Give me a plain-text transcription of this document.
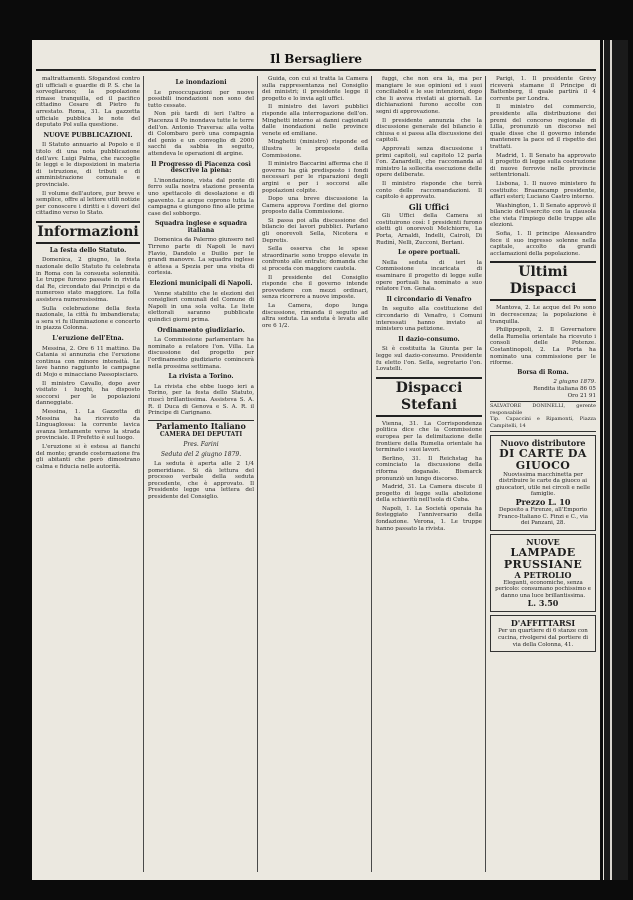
Il Bersagliere

maltrattamenti. Sfogandosi contro gli ufficiali e guardie di P. S. che la sorvegliarono; la popolazione rimase tranquilla, ed il pacifico cittadino Cesare di Pietro fu arrestato. Roma, 31. La gazzetta ufficiale pubblica le note del deputato Pol sulla questione.

NUOVE PUBBLICAZIONI.

Il Statuto annuario al Popolo e il titolo di una nota pubblicazione dell'avv. Luigi Palma, che raccoglie le leggi e le disposizioni in materia di istruzione, di tributi e di amministrazione comunale e provinciale.

Il volume dell'autore, pur breve e semplice, offre al lettore utili notizie per conoscere i diritti e i doveri del cittadino verso lo Stato.

Informazioni

La festa dello Statuto.

Domenica, 2 giugno, la festa nazionale dello Statuto fu celebrata in Roma con la consueta solennità. Le truppe furono passate in rivista dal Re, circondato dai Principi e da numeroso stato maggiore. La folla assisteva numerosissima.

Sulla celebrazione della festa nazionale, la città fu imbandierata; a sera vi fu illuminazione e concerto in piazza Colonna.

L'eruzione dell'Etna.

Messina, 2. Ore 6 11 mattino. Da Catania si annunzia che l'eruzione continua con minore intensità. Le lave hanno raggiunto le campagne di Mojo e minacciano Passopisciaro.

Il ministro Cavallo, dopo aver visitato i luoghi, ha disposto soccorsi per le popolazioni danneggiate.

Messina, 1. La Gazzetta di Messina ha ricevuto da Linguaglossa: la corrente lavica avanza lentamente verso la strada provinciale. Il Prefetto è sul luogo.

L'eruzione si è estesa ai fianchi del monte; grande costernazione fra gli abitanti che però dimostrano calma e fiducia nelle autorità.

Le inondazioni

Le preoccupazioni per nuove possibili inondazioni non sono del tutto cessate.

Non più tardi di ieri l'altro a Piacenza il Po inondava tutte le terre dell'on. Antonio Traversa: alla volta di Colombaro però una compagnia del genio e un convoglio di 2000 sacchi da sabbia in seguito, attendeva le operazioni di argine.

Il Progresso di Piacenza così descrive la piena:

L'inondazione, vista dal ponte di ferro sulla nostra stazione presenta uno spettacolo di desolazione e di spavento. Le acque coprono tutta la campagna e giungono fino alle prime case del sobborgo.

Squadra inglese e squadra italiana

Domenica da Palermo giunsero nel Tirreno parte di Napoli le navi Flavio, Dandolo e Duilio per le grandi manovre. La squadra inglese è attesa a Spezia per una visita di cortesia.

Elezioni municipali di Napoli.

Venne stabilito che le elezioni dei consiglieri comunali del Comune di Napoli in una sola volta. Le liste elettorali saranno pubblicate quindici giorni prima.

Ordinamento giudiziario.

La Commissione parlamentare ha nominato a relatore l'on. Villa. La discussione del progetto per l'ordinamento giudiziario comincerà nella prossima settimana.

La rivista a Torino.

La rivista che ebbe luogo ieri a Torino, per la festa dello Statuto, riuscì brillantissima. Assisteva S. A. R. il Duca di Genova e S. A. R. il Principe di Carignano.

Parlamento Italiano
CAMERA DEI DEPUTATI
Pres. Farini
Seduta del 2 giugno 1879.

La seduta è aperta alle 2 1/4 pomeridiane. Si dà lettura del processo verbale della seduta precedente, che è approvato. Il Presidente legge una lettera del presidente del Consiglio.

Guida, con cui si tratta la Camera sulla rappresentanza nel Consiglio dei ministri; il presidente legge il progetto e lo invia agli uffici.

Il ministro dei lavori pubblici risponde alla interrogazione dell'on. Minghetti intorno ai danni cagionati dalle inondazioni nelle province venete ed emiliane.

Minghetti (ministro) risponde ed illustra le proposte della Commissione.

Il ministro Baccarini afferma che il governo ha già predisposto i fondi necessari per le riparazioni degli argini e per i soccorsi alle popolazioni colpite.

Dopo una breve discussione la Camera approva l'ordine del giorno proposto dalla Commissione.

Si passa poi alla discussione del bilancio dei lavori pubblici. Parlano gli onorevoli Sella, Nicotera e Depretis.

Sella osserva che le spese straordinarie sono troppo elevate in confronto alle entrate; domanda che si proceda con maggiore cautela.

Il presidente del Consiglio risponde che il governo intende provvedere con mezzi ordinari, senza ricorrere a nuove imposte.

La Camera, dopo lunga discussione, rimanda il seguito ad altra seduta. La seduta è levata alle ore 6 1/2.

fuggì, che non era là, ma per mangiare le sue opinioni ed i suoi conciliaboli e le sue intenzioni, dopo che li aveva rivelati ai giornali. Le dichiarazioni furono accolte con segni di approvazione.

Il presidente annunzia che la discussione generale del bilancio è chiusa e si passa alla discussione dei capitoli.

Approvati senza discussione i primi capitoli, sul capitolo 12 parla l'on. Zanardelli, che raccomanda al ministro la sollecita esecuzione delle opere deliberate.

Il ministro risponde che terrà conto delle raccomandazioni. Il capitolo è approvato.

Gli Uffici

Gli Uffici della Camera si costituirono così: I presidenti furono eletti gli onorevoli Melchiorre, La Porta, Arnaldi, Indelli, Cairoli, Di Rudinì, Nelli, Zucconi, Bertani.

Le opere portuali.

Nella seduta di ieri la Commissione incaricata di esaminare il progetto di legge sulle opere portuali ha nominato a suo relatore l'on. Genala.

Il circondario di Venafro

In seguito alla costituzione del circondario di Venafro, i Comuni interessati hanno inviato al ministero una petizione.

Il dazio-consumo.

Si è costituita la Giunta per la legge sul dazio-consumo. Presidente fu eletto l'on. Sella, segretario l'on. Lovatelli.

Dispacci Stefani

Vienna, 31. La Corrispondenza politica dice che la Commissione europea per la delimitazione delle frontiere della Rumelia orientale ha terminato i suoi lavori.

Berlino, 31. Il Reichstag ha cominciato la discussione della riforma doganale. Bismarck pronunziò un lungo discorso.

Madrid, 31. La Camera discute il progetto di legge sulla abolizione della schiavitù nell'isola di Cuba.

Napoli, 1. La Società operaia ha festeggiato l'anniversario della fondazione. Verona, 1. Le truppe hanno passato la rivista.

Parigi, 1. Il presidente Grévy riceverà stamane il Principe di Battenberg, il quale partirà il 4 corrente per Londra.

Il ministro del commercio, presidente alla distribuzione dei premi del concorso regionale di Lilla, pronunziò un discorso nel quale disse che il governo intende mantenere la pace ed il rispetto dei trattati.

Madrid, 1. Il Senato ha approvato il progetto di legge sulla costruzione di nuove ferrovie nelle provincie settentrionali.

Lisbona, 1. Il nuovo ministero fu costituito: Braamcamp presidente, affari esteri; Luciano Castro interno.

Washington, 1. Il Senato approvò il bilancio dell'esercito con la clausola che vieta l'impiego delle truppe alle elezioni.

Sofia, 1. Il principe Alessandro fece il suo ingresso solenne nella capitale, accolto da grandi acclamazioni della popolazione.

Ultimi Dispacci

Mantova, 2. Le acque del Po sono in decrescenza; la popolazione è tranquilla.

Philippopoli, 2. Il Governatore della Rumelia orientale ha ricevuto i consoli delle Potenze. Costantinopoli, 2. La Porta ha nominato una commissione per le riforme.

Borsa di Roma.
2 giugno 1879.
Rendita italiana 86 05
Oro 21 91
SALVATORE DONINELLI, gerente responsabile
Tip. Capaccini e Ripamonti, Piazza Campitelli, 14
Nuovo distributore
DI CARTE DA GIUOCO
Nuovissima macchinetta per distribuire le carte da giuoco ai giuocatori, utile nei circoli e nelle famiglie.
Prezzo L. 10
Deposito a Firenze, all'Emporio Franco-Italiano C. Finzi e C., via dei Panzani, 28.
NUOVE
LAMPADE PRUSSIANE
A PETROLIO
Eleganti, economiche, senza pericolo: consumano pochissimo e danno una luce brillantissima.
L. 3.50
D'AFFITTARSI
Per un quartiere di 6 stanze con cucina, rivolgersi dal portiere di via della Colonna, 41.
